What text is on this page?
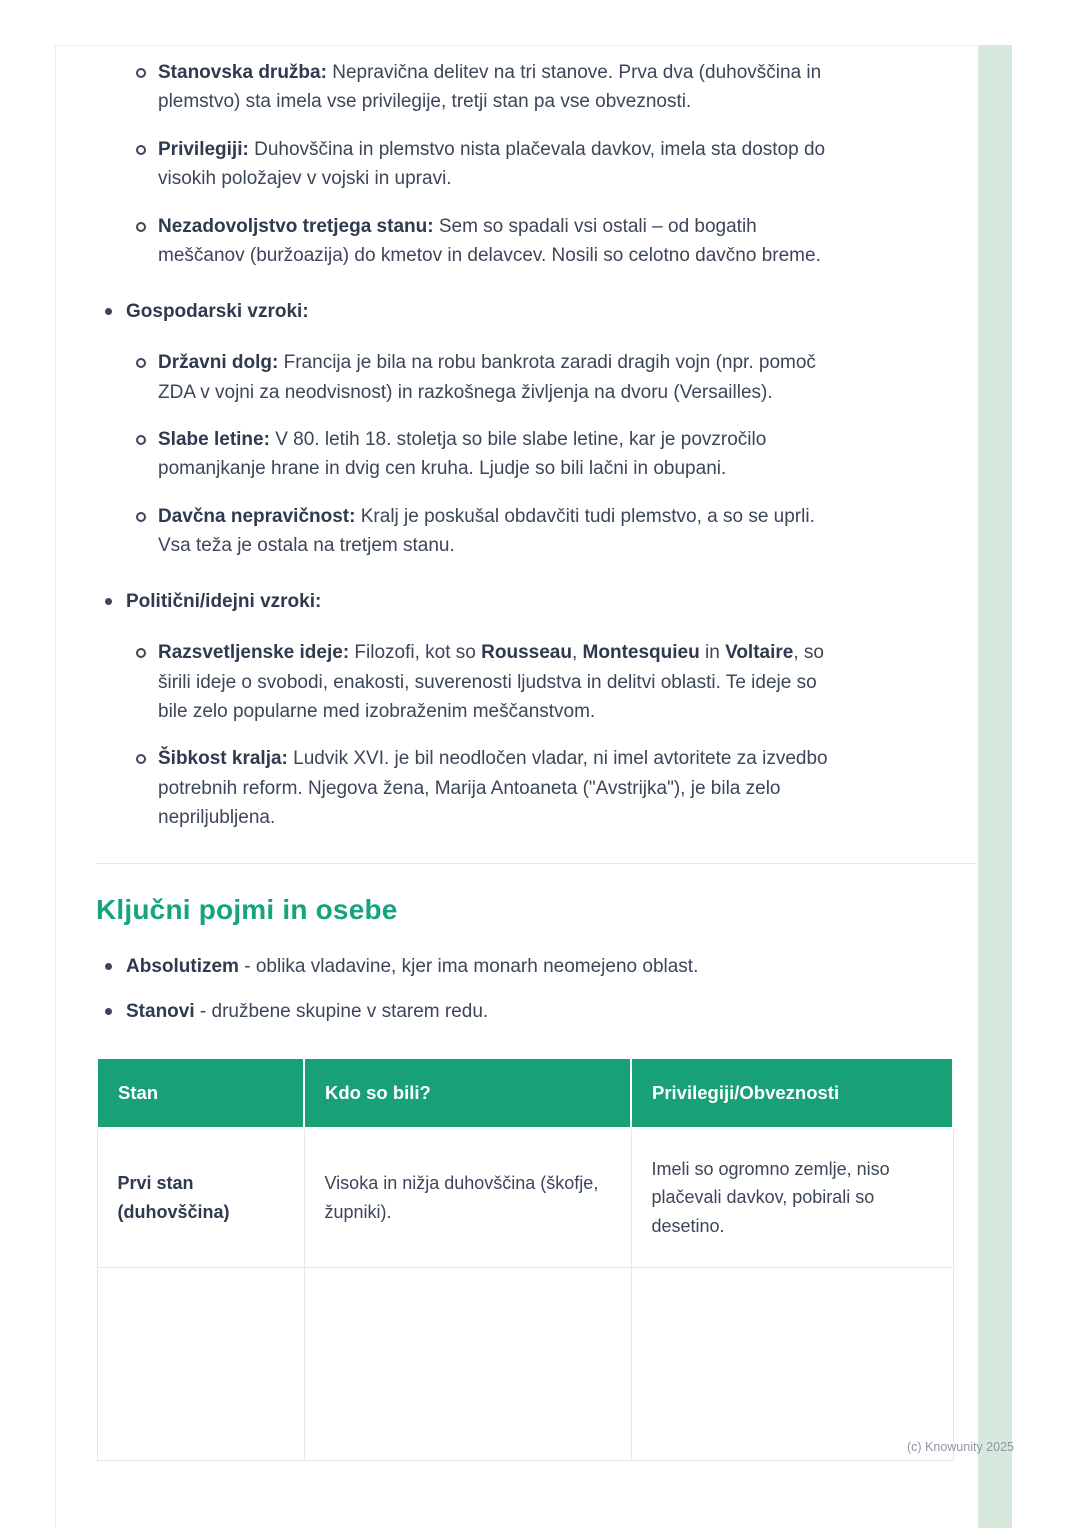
Stanovska družba: Nepravična delitev na tri stanove. Prva dva (duhovščina in plemstvo) sta imela vse privilegije, tretji stan pa vse obveznosti.
Privilegiji: Duhovščina in plemstvo nista plačevala davkov, imela sta dostop do visokih položajev v vojski in upravi.
Nezadovoljstvo tretjega stanu: Sem so spadali vsi ostali – od bogatih meščanov (buržoazija) do kmetov in delavcev. Nosili so celotno davčno breme.
Gospodarski vzroki:
Državni dolg: Francija je bila na robu bankrota zaradi dragih vojn (npr. pomoč ZDA v vojni za neodvisnost) in razkošnega življenja na dvoru (Versailles).
Slabe letine: V 80. letih 18. stoletja so bile slabe letine, kar je povzročilo pomanjkanje hrane in dvig cen kruha. Ljudje so bili lačni in obupani.
Davčna nepravičnost: Kralj je poskušal obdavčiti tudi plemstvo, a so se uprli. Vsa teža je ostala na tretjem stanu.
Politični/idejni vzroki:
Razsvetljenske ideje: Filozofi, kot so Rousseau, Montesquieu in Voltaire, so širili ideje o svobodi, enakosti, suverenosti ljudstva in delitvi oblasti. Te ideje so bile zelo popularne med izobraženim meščanstvom.
Šibkost kralja: Ludvik XVI. je bil neodločen vladar, ni imel avtoritete za izvedbo potrebnih reform. Njegova žena, Marija Antoaneta ("Avstrijka"), je bila zelo nepriljubljena.
Ključni pojmi in osebe
Absolutizem - oblika vladavine, kjer ima monarh neomejeno oblast.
Stanovi - družbene skupine v starem redu.
Stan	Kdo so bili?	Privilegiji/Obveznosti
Prvi stan (duhovščina)	Visoka in nižja duhovščina (škofje, župniki).	Imeli so ogromno zemlje, niso plačevali davkov, pobirali so desetino.

(c) Knowunity 2025
